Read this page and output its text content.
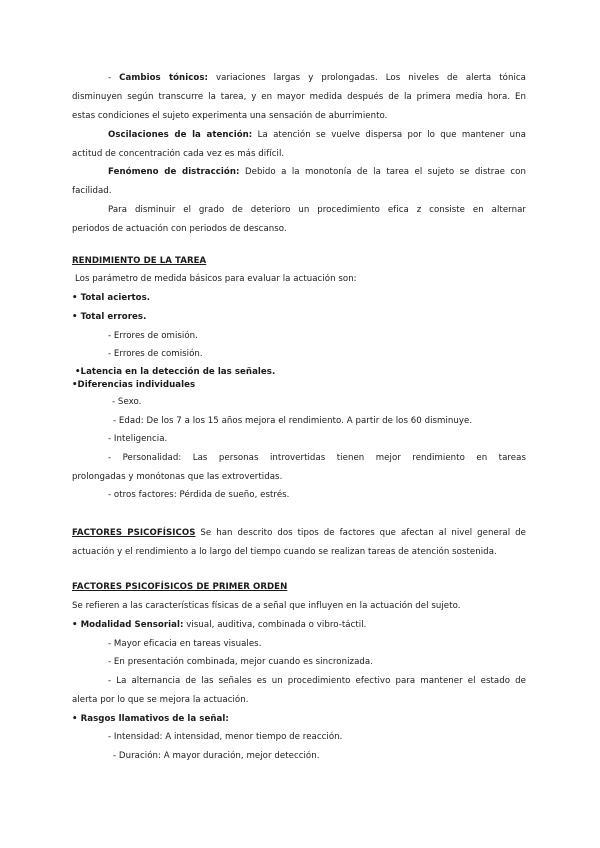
- Cambios tónicos: variaciones largas y prolongadas. Los niveles de alerta tónica
disminuyen según transcurre la tarea, y en mayor medida después de la primera media hora. En
estas condiciones el sujeto experimenta una sensación de aburrimiento.
Oscilaciones de la atención: La atención se vuelve dispersa por lo que mantener una
actitud de concentración cada vez es más difícil.
Fenómeno de distracción: Debido a la monotonía de la tarea el sujeto se distrae con
facilidad.
Para disminuir el grado de deterioro un procedimiento efica z consiste en alternar
periodos de actuación con periodos de descanso.
RENDIMIENTO DE LA TAREA
Los parámetro de medida básicos para evaluar la actuación son:
• Total aciertos.
• Total errores.
- Errores de omisión.
- Errores de comisión.
•Latencia en la detección de las señales.
•Diferencias individuales
- Sexo.
- Edad: De los 7 a los 15 años mejora el rendimiento. A partir de los 60 disminuye.
- Inteligencia.
- Personalidad: Las personas introvertidas tienen mejor rendimiento en tareas
prolongadas y monótonas que las extrovertidas.
- otros factores: Pérdida de sueño, estrés.
FACTORES PSICOFÍSICOS Se han descrito dos tipos de factores que afectan al nivel general de
actuación y el rendimiento a lo largo del tiempo cuando se realizan tareas de atención sostenida.
FACTORES PSICOFÍSICOS DE PRIMER ORDEN
Se refieren a las características físicas de a señal que influyen en la actuación del sujeto.
• Modalidad Sensorial: visual, auditiva, combinada o vibro-táctil.
- Mayor eficacia en tareas visuales.
- En presentación combinada, mejor cuando es sincronizada.
- La alternancia de las señales es un procedimiento efectivo para mantener el estado de
alerta por lo que se mejora la actuación.
• Rasgos llamativos de la señal:
- Intensidad: A intensidad, menor tiempo de reacción.
- Duración: A mayor duración, mejor detección.
